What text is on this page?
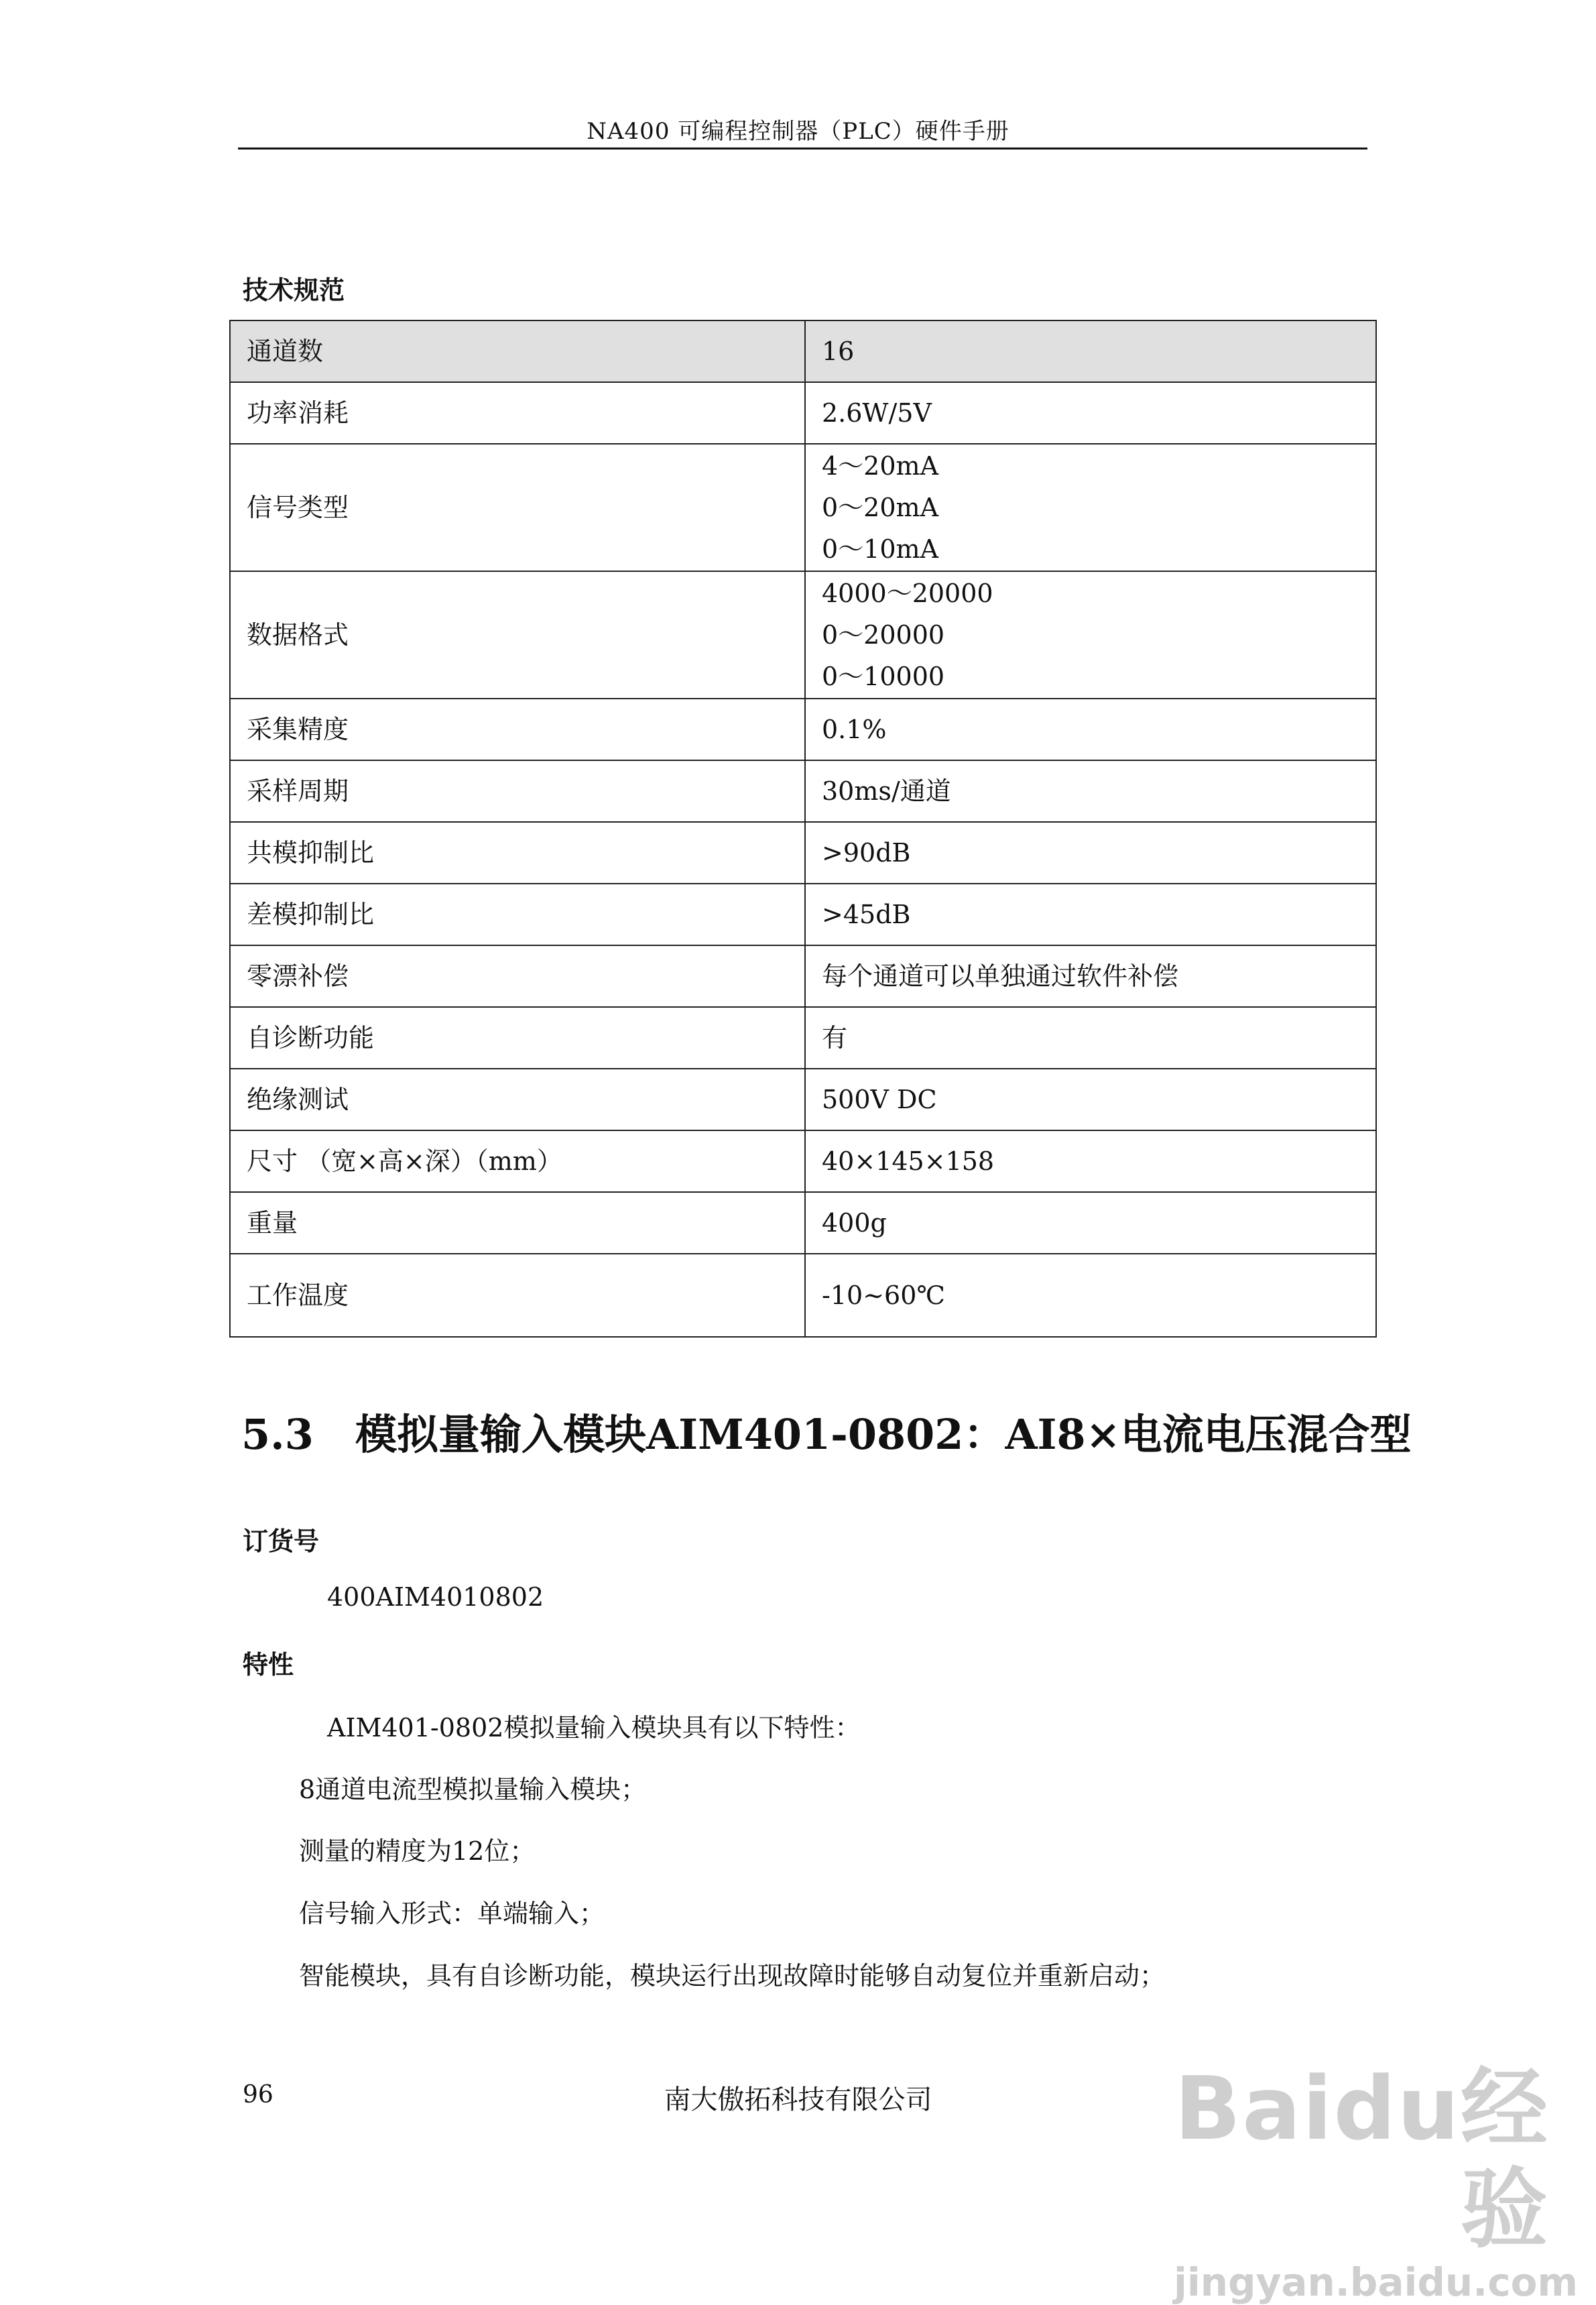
NA400 可编程控制器（PLC）硬件手册
技术规范
通道数	16
功率消耗	2.6W/5V
信号类型	4～20mA
0～20mA
0～10mA

数据格式	4000～20000
0～20000
0～10000

采集精度	0.1%
采样周期	30ms/通道
共模抑制比	>90dB
差模抑制比	>45dB
零漂补偿	每个通道可以单独通过软件补偿
自诊断功能	有
绝缘测试	500V DC
尺寸 （宽×高×深）（mm）	40×145×158
重量	400g
工作温度	-10~60℃
5.3 模拟量输入模块AIM401-0802：AI8×电流电压混合型
订货号
400AIM4010802
特性
AIM401-0802模拟量输入模块具有以下特性：
8通道电流型模拟量输入模块；
测量的精度为12位；
信号输入形式：单端输入；
智能模块，具有自诊断功能，模块运行出现故障时能够自动复位并重新启动；
96	南大傲拓科技有限公司	Baidu经验
jingyan.baidu.com
